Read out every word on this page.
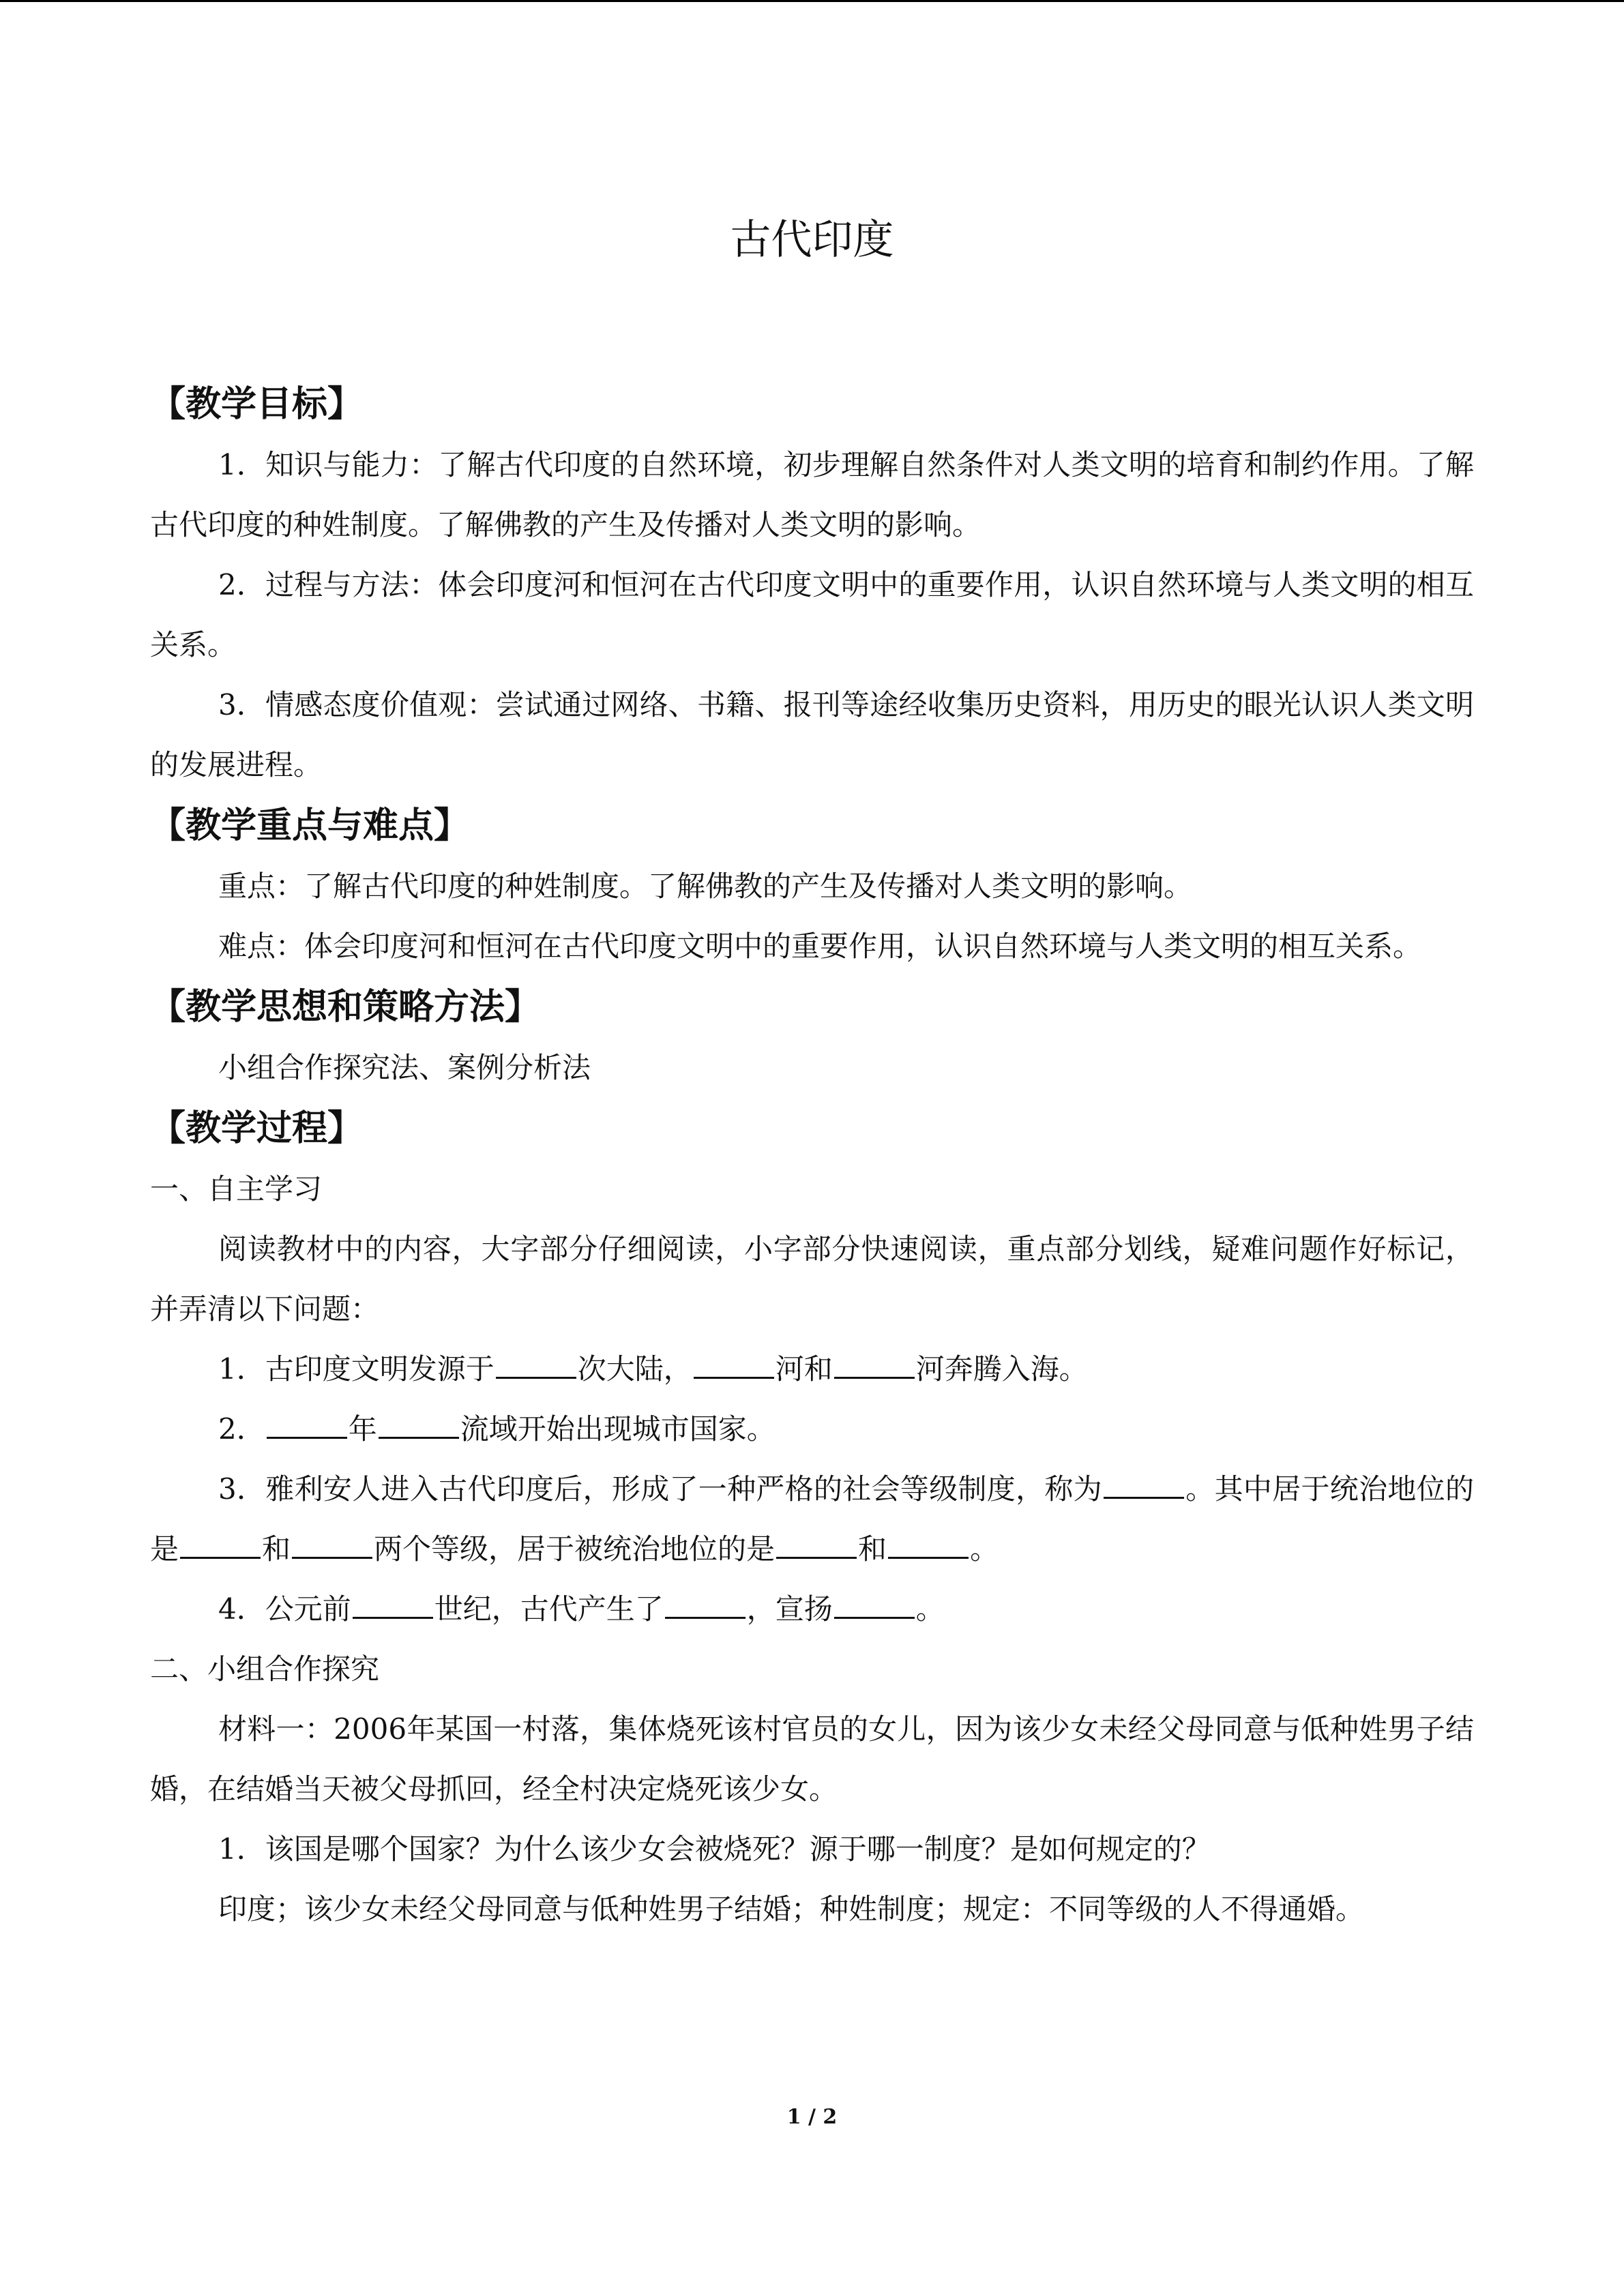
古代印度
【教学目标】

1．知识与能力：了解古代印度的自然环境，初步理解自然条件对人类文明的培育和制约作用。了解古代印度的种姓制度。了解佛教的产生及传播对人类文明的影响。

2．过程与方法：体会印度河和恒河在古代印度文明中的重要作用，认识自然环境与人类文明的相互关系。

3．情感态度价值观：尝试通过网络、书籍、报刊等途经收集历史资料，用历史的眼光认识人类文明的发展进程。

【教学重点与难点】

重点：了解古代印度的种姓制度。了解佛教的产生及传播对人类文明的影响。

难点：体会印度河和恒河在古代印度文明中的重要作用，认识自然环境与人类文明的相互关系。

【教学思想和策略方法】

小组合作探究法、案例分析法

【教学过程】

一、自主学习

阅读教材中的内容，大字部分仔细阅读，小字部分快速阅读，重点部分划线，疑难问题作好标记，并弄清以下问题：

1．古印度文明发源于	次大陆，	河和	河奔腾入海。

2．	年	流域开始出现城市国家。

3．雅利安人进入古代印度后，形成了一种严格的社会等级制度，称为	。其中居于统治地位的是	和	两个等级，居于被统治地位的是	和	。

4．公元前	世纪，古代产生了	，宣扬	。

二、小组合作探究

材料一：2006年某国一村落，集体烧死该村官员的女儿，因为该少女未经父母同意与低种姓男子结婚，在结婚当天被父母抓回，经全村决定烧死该少女。

1．该国是哪个国家？为什么该少女会被烧死？源于哪一制度？是如何规定的？

印度；该少女未经父母同意与低种姓男子结婚；种姓制度；规定：不同等级的人不得通婚。

1 / 2
